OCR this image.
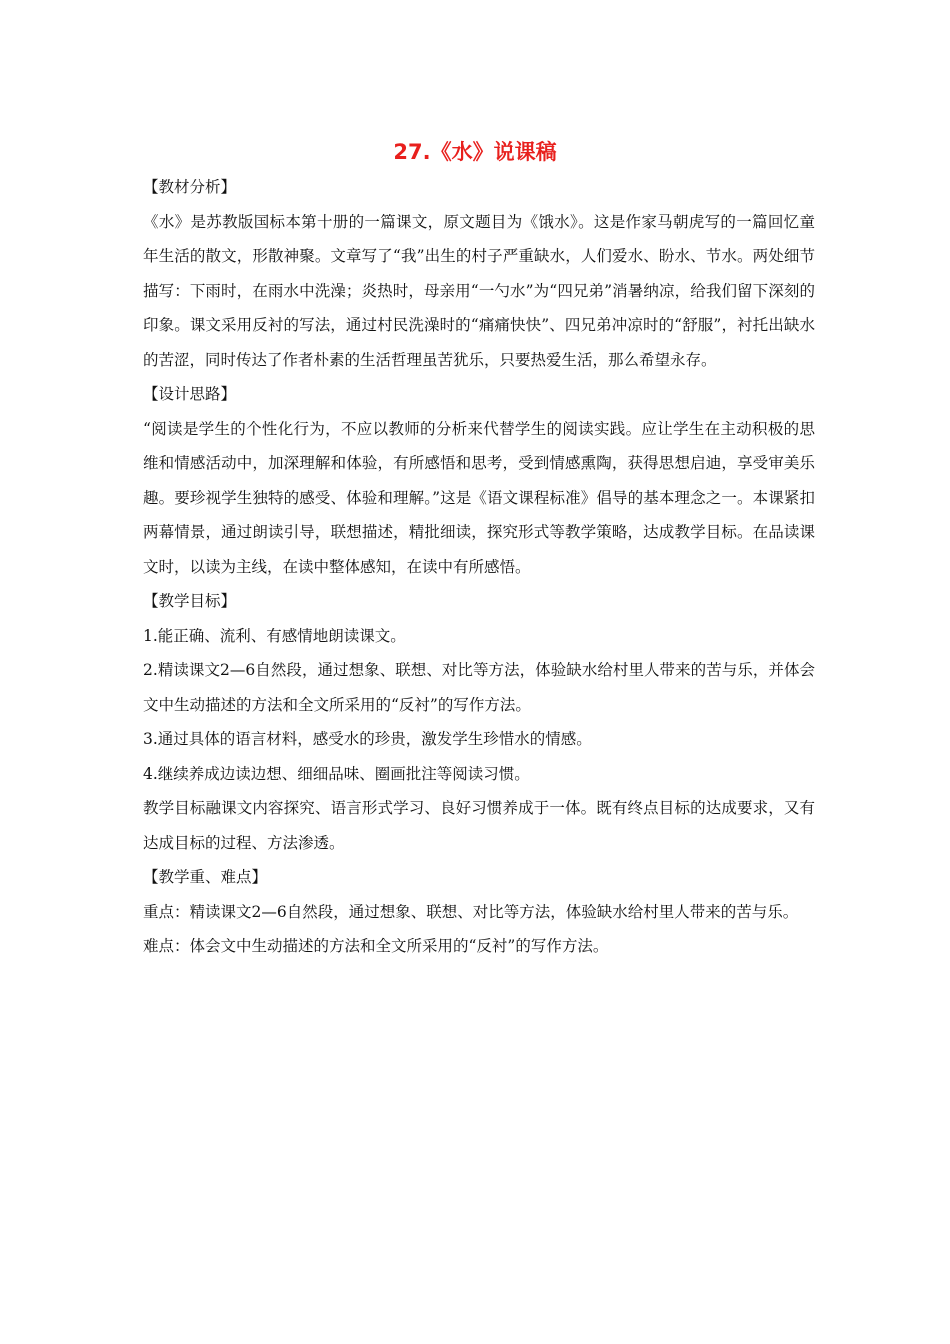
27.《水》说课稿

【教材分析】

《水》是苏教版国标本第十册的一篇课文，原文题目为《饿水》。这是作家马朝虎写的一篇回忆童年生活的散文，形散神聚。文章写了“我”出生的村子严重缺水，人们爱水、盼水、节水。两处细节描写：下雨时，在雨水中洗澡；炎热时，母亲用“一勺水”为“四兄弟”消暑纳凉，给我们留下深刻的印象。课文采用反衬的写法，通过村民洗澡时的“痛痛快快”、四兄弟冲凉时的“舒服”，衬托出缺水的苦涩，同时传达了作者朴素的生活哲理虽苦犹乐，只要热爱生活，那么希望永存。

【设计思路】

“阅读是学生的个性化行为，不应以教师的分析来代替学生的阅读实践。应让学生在主动积极的思维和情感活动中，加深理解和体验，有所感悟和思考，受到情感熏陶，获得思想启迪，享受审美乐趣。要珍视学生独特的感受、体验和理解。”这是《语文课程标准》倡导的基本理念之一。本课紧扣两幕情景，通过朗读引导，联想描述，精批细读，探究形式等教学策略，达成教学目标。在品读课文时，以读为主线，在读中整体感知，在读中有所感悟。

【教学目标】

1.能正确、流利、有感情地朗读课文。

2.精读课文2—6自然段，通过想象、联想、对比等方法，体验缺水给村里人带来的苦与乐，并体会文中生动描述的方法和全文所采用的“反衬”的写作方法。

3.通过具体的语言材料，感受水的珍贵，激发学生珍惜水的情感。

4.继续养成边读边想、细细品味、圈画批注等阅读习惯。

教学目标融课文内容探究、语言形式学习、良好习惯养成于一体。既有终点目标的达成要求，又有达成目标的过程、方法渗透。

【教学重、难点】

重点：精读课文2—6自然段，通过想象、联想、对比等方法，体验缺水给村里人带来的苦与乐。

难点：体会文中生动描述的方法和全文所采用的“反衬”的写作方法。
